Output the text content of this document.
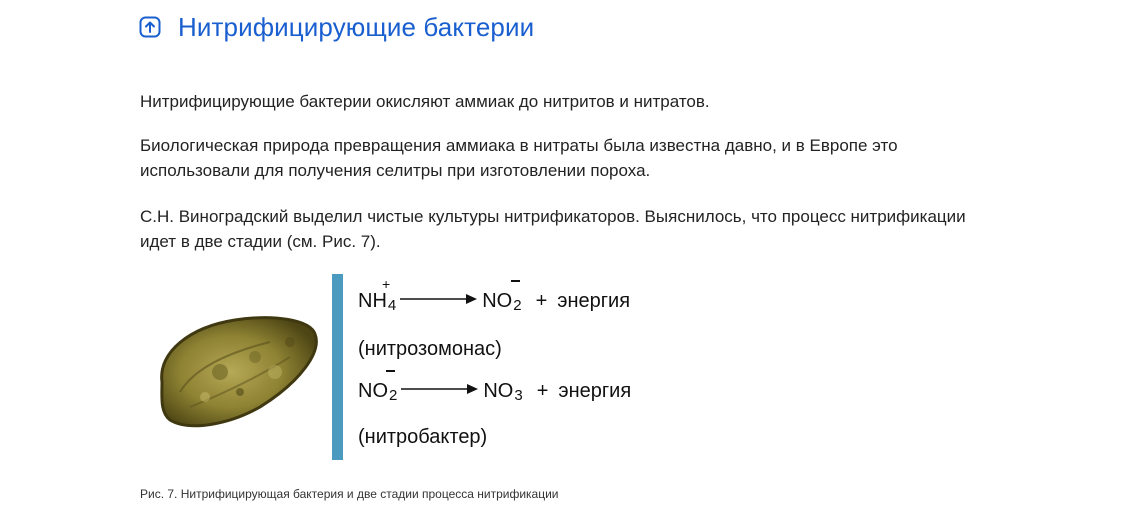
Нитрифицирующие бактерии

Нитрифицирующие бактерии окисляют аммиак до нитритов и нитратов.

Биологическая природа превращения аммиака в нитраты была известна давно, и в Европе это использовали для получения селитры при изготовлении пороха.

С.Н. Виноградский выделил чистые культуры нитрификаторов. Выяснилось, что процесс нитрификации идет в две стадии (см. Рис. 7).

$NH_4$
+
$NO_2$ + энергия
(нитрозомонас)
$NO_2$	$NO_3$ + энергия
(нитробактер)
Рис. 7. Нитрифицирующая бактерия и две стадии процесса нитрификации
